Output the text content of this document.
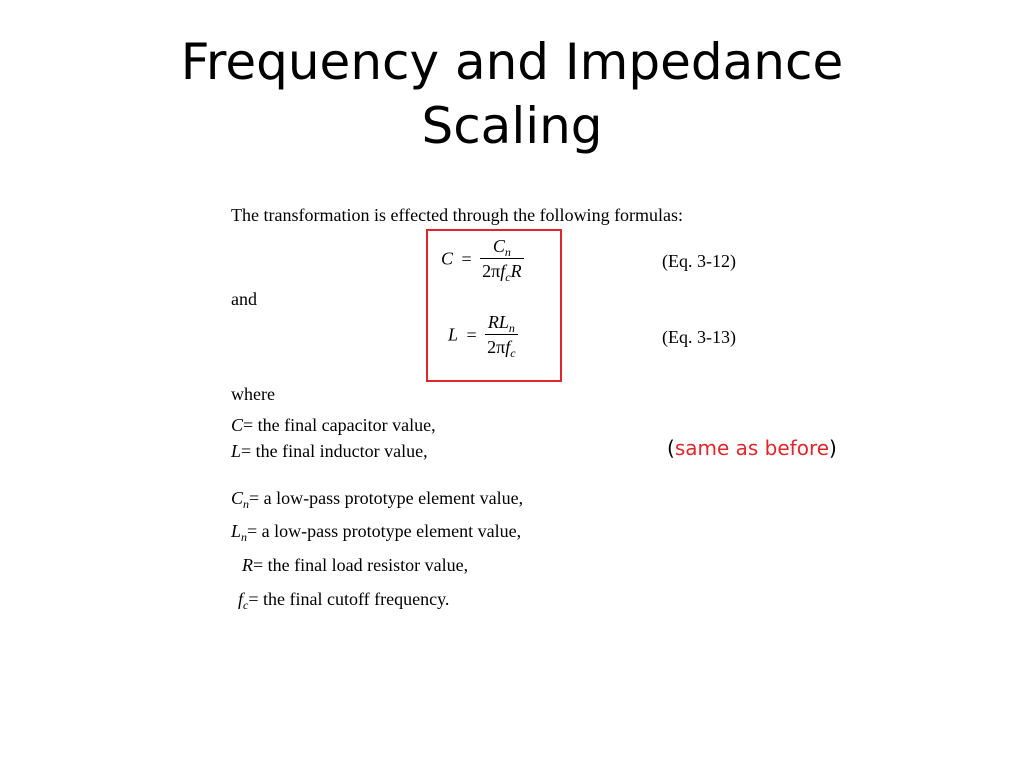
Frequency and Impedance
Scaling
The transformation is effected through the following formulas:
$C = \frac{C_n}{2\pi f_cR}$	(Eq. 3-12)
and
$L = \frac{RL_n}{2\pi f_c}$	(Eq. 3-13)
where
C= the final capacitor value,
L= the final inductor value,
$C_n= a$ low-pass prototype element value,
$L_n= a$ low-pass prototype element value,
R= the final load resistor value,
$f_c=$ the final cutoff frequency.
(same as before)
